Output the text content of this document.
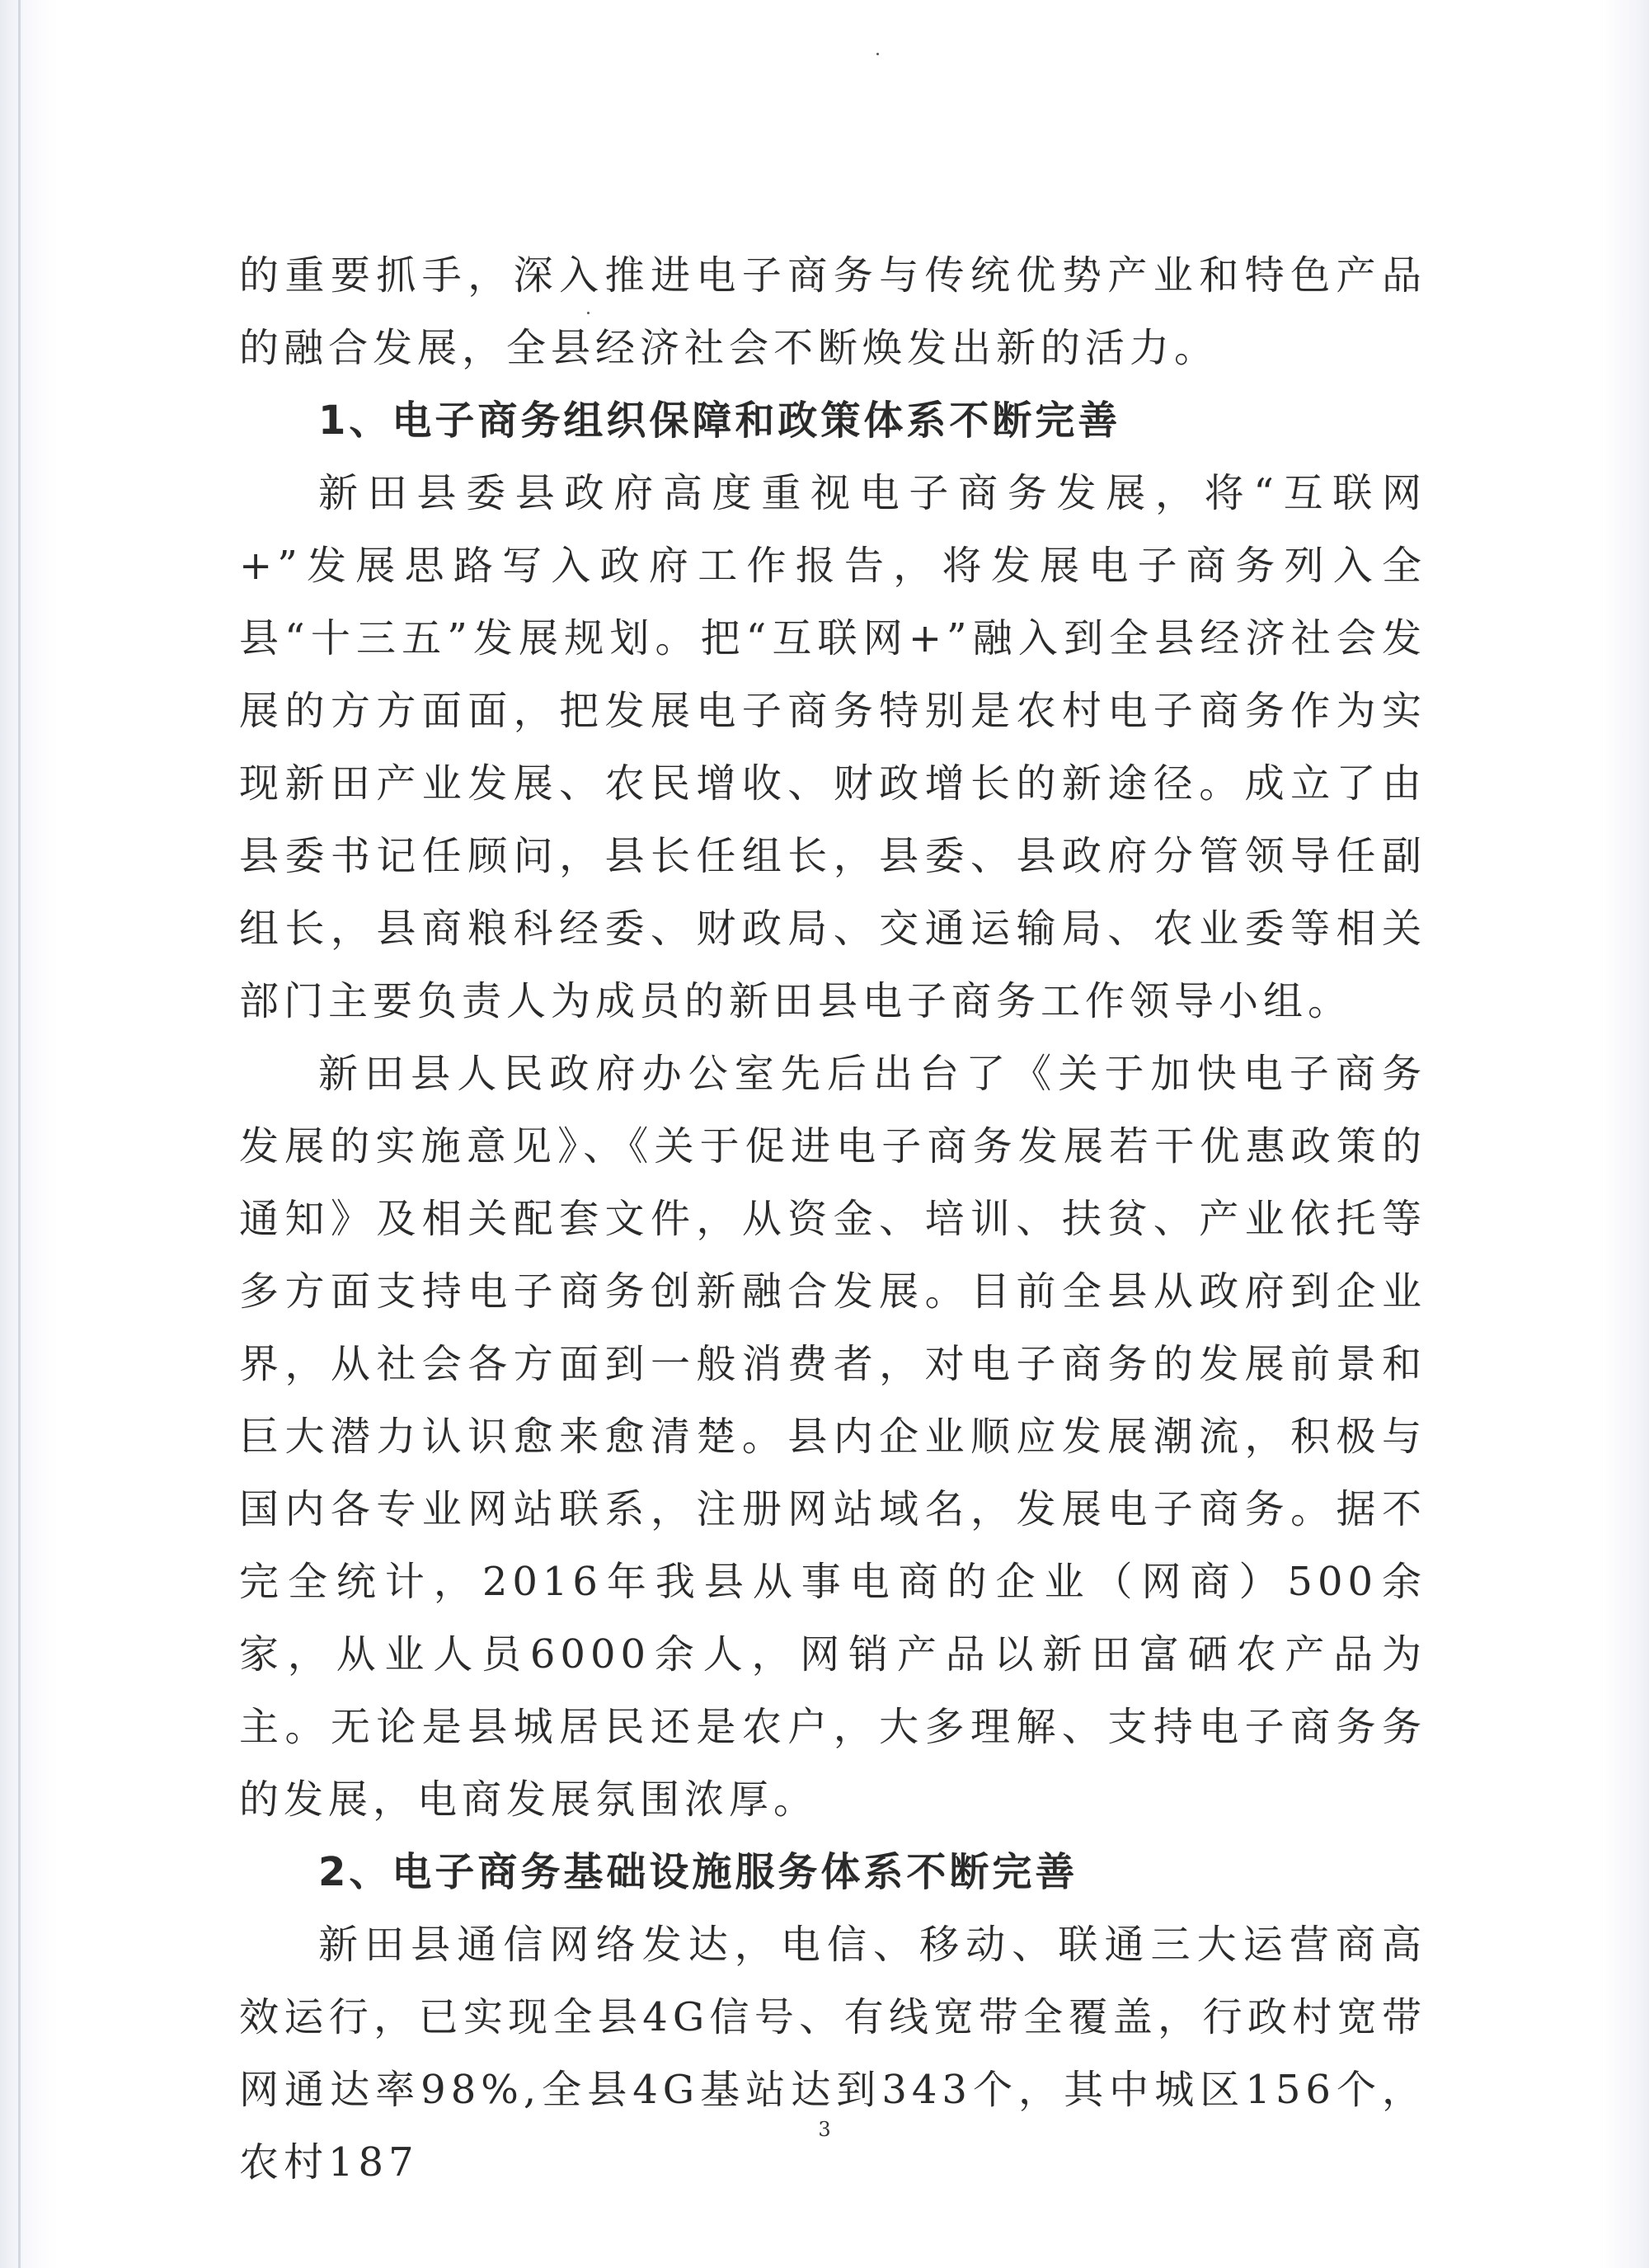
的重要抓手，深入推进电子商务与传统优势产业和特色产品的融合发展，全县经济社会不断焕发出新的活力。

1、电子商务组织保障和政策体系不断完善

新田县委县政府高度重视电子商务发展，将“互联网+”发展思路写入政府工作报告，将发展电子商务列入全县“十三五”发展规划。把“互联网+”融入到全县经济社会发展的方方面面，把发展电子商务特别是农村电子商务作为实现新田产业发展、农民增收、财政增长的新途径。成立了由县委书记任顾问，县长任组长，县委、县政府分管领导任副组长，县商粮科经委、财政局、交通运输局、农业委等相关部门主要负责人为成员的新田县电子商务工作领导小组。

新田县人民政府办公室先后出台了《关于加快电子商务发展的实施意见》、《关于促进电子商务发展若干优惠政策的通知》及相关配套文件，从资金、培训、扶贫、产业依托等多方面支持电子商务创新融合发展。目前全县从政府到企业界，从社会各方面到一般消费者，对电子商务的发展前景和巨大潜力认识愈来愈清楚。县内企业顺应发展潮流，积极与国内各专业网站联系，注册网站域名，发展电子商务。据不完全统计，2016年我县从事电商的企业（网商）500余家，从业人员6000余人，网销产品以新田富硒农产品为主。无论是县城居民还是农户，大多理解、支持电子商务务的发展，电商发展氛围浓厚。

2、电子商务基础设施服务体系不断完善

新田县通信网络发达，电信、移动、联通三大运营商高效运行，已实现全县4G信号、有线宽带全覆盖，行政村宽带网通达率98%,全县4G基站达到343个，其中城区156个，农村187

3
